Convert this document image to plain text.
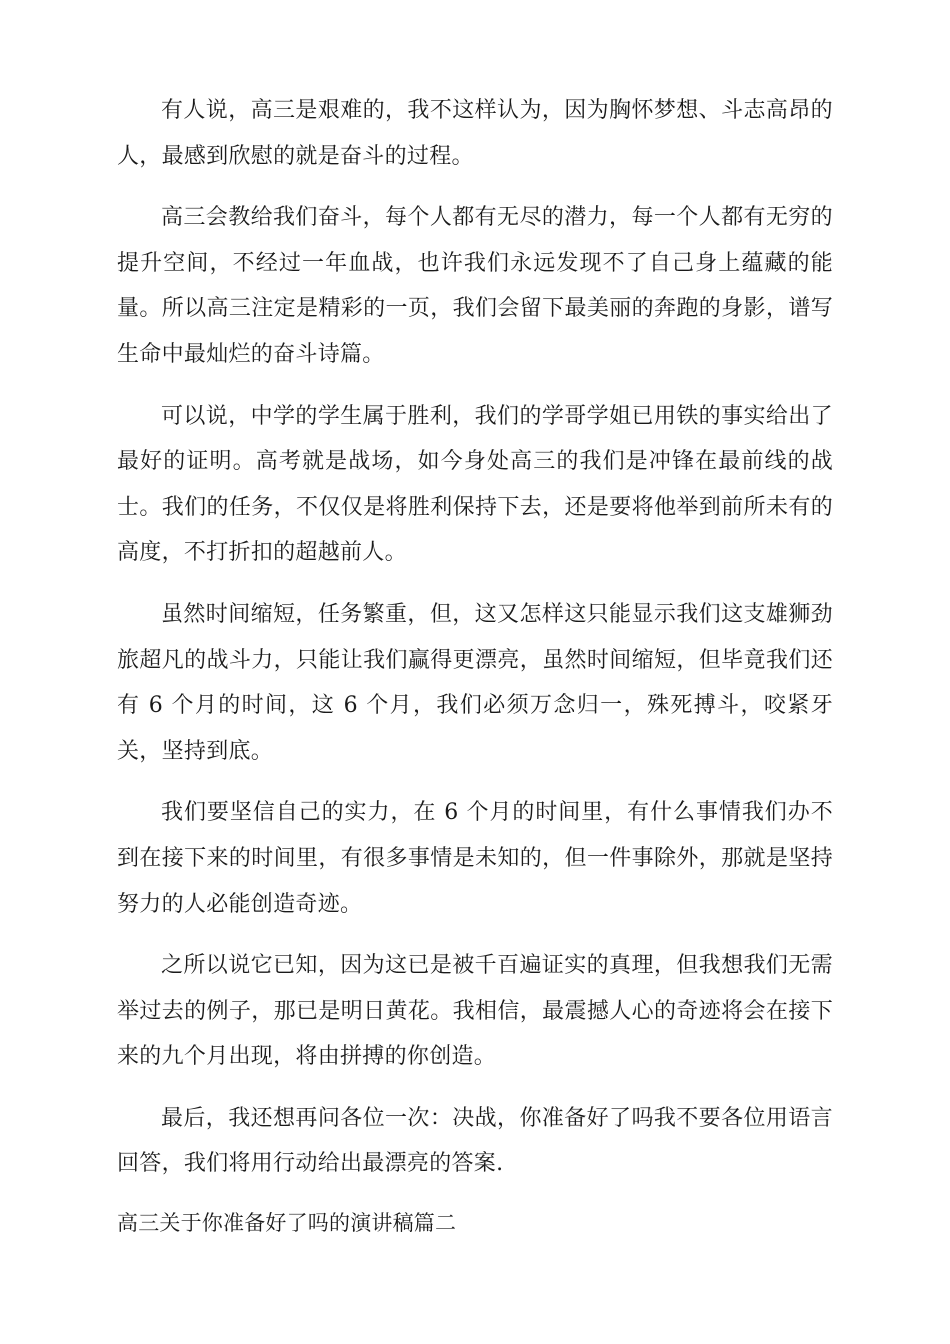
有人说，高三是艰难的，我不这样认为，因为胸怀梦想、斗志高昂的人，最感到欣慰的就是奋斗的过程。

高三会教给我们奋斗，每个人都有无尽的潜力，每一个人都有无穷的提升空间，不经过一年血战，也许我们永远发现不了自己身上蕴藏的能量。所以高三注定是精彩的一页，我们会留下最美丽的奔跑的身影，谱写生命中最灿烂的奋斗诗篇。

可以说，中学的学生属于胜利，我们的学哥学姐已用铁的事实给出了最好的证明。高考就是战场，如今身处高三的我们是冲锋在最前线的战士。我们的任务，不仅仅是将胜利保持下去，还是要将他举到前所未有的高度，不打折扣的超越前人。

虽然时间缩短，任务繁重，但，这又怎样这只能显示我们这支雄狮劲旅超凡的战斗力，只能让我们赢得更漂亮，虽然时间缩短，但毕竟我们还有 6 个月的时间，这 6 个月，我们必须万念归一，殊死搏斗，咬紧牙关，坚持到底。

我们要坚信自己的实力，在 6 个月的时间里，有什么事情我们办不到在接下来的时间里，有很多事情是未知的，但一件事除外，那就是坚持努力的人必能创造奇迹。

之所以说它已知，因为这已是被千百遍证实的真理，但我想我们无需举过去的例子，那已是明日黄花。我相信，最震撼人心的奇迹将会在接下来的九个月出现，将由拼搏的你创造。

最后，我还想再问各位一次：决战，你准备好了吗我不要各位用语言回答，我们将用行动给出最漂亮的答案.

高三关于你准备好了吗的演讲稿篇二
